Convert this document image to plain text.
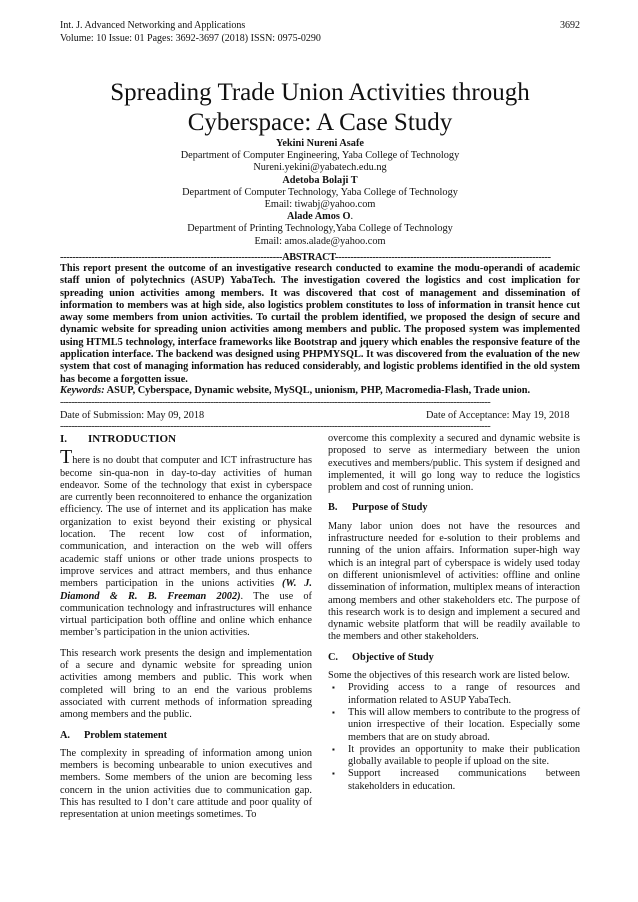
Int. J. Advanced Networking and Applications
Volume: 10 Issue: 01 Pages: 3692-3697 (2018) ISSN: 0975-0290
3692
Spreading Trade Union Activities through
Cyberspace: A Case Study
Yekini Nureni Asafe
Department of Computer Engineering, Yaba College of Technology
Nureni.yekini@yabatech.edu.ng
Adetoba Bolaji T
Department of Computer Technology, Yaba College of Technology
Email: tiwabj@yahoo.com
Alade Amos O.
Department of Printing Technology,Yaba College of Technology
Email: amos.alade@yahoo.com
-----------------------------------------------------------------------ABSTRACT---------------------------------------------------------------------
This report present the outcome of an investigative research conducted to examine the modu-operandi of academic staff union of polytechnics (ASUP) YabaTech. The investigation covered the logistics and cost implication for spreading union activities among members. It was discovered that cost of management and dissemination of information to members was at high side, also logistics problem constitutes to loss of information in transit hence cut away some members from union activities. To curtail the problem identified, we proposed the design of secure and dynamic website for spreading union activities among members and public. The proposed system was implemented using HTML5 technology, interface frameworks like Bootstrap and jquery which enables the responsive feature of the application interface. The backend was designed using PHPMYSQL. It was discovered from the evaluation of the new system that cost of managing information has reduced considerably, and logistic problems identified in the old system has become a forgotten issue.
Keywords: ASUP, Cyberspace, Dynamic website, MySQL, unionism, PHP, Macromedia-Flash, Trade union.
--------------------------------------------------------------------------------------------------------------------------------------------------------
Date of Submission: May 09, 2018	Date of Acceptance: May 19, 2018
--------------------------------------------------------------------------------------------------------------------------------------------------------
I. INTRODUCTION

There is no doubt that computer and ICT infrastructure has become sin-qua-non in day-to-day activities of human endeavor. Some of the technology that exist in cyberspace are currently been reconnoitered to enhance the organization efficiency. The use of internet and its application has make organization to exist beyond their existing or physical location. The recent low cost of information, communication, and interaction on the web will offers academic staff unions or other trade unions prospects to improve services and attract members, and thus enhance members participation in the unions activities (W. J. Diamond & R. B. Freeman 2002). The use of communication technology and infrastructures will enhance virtual participation both offline and online which enhance member’s participation in the union activities.

This research work presents the design and implementation of a secure and dynamic website for spreading union activities among members and public. This work when completed will bring to an end the various problems associated with current methods of information spreading among members and the public.

A. Problem statement

The complexity in spreading of information among union members is becoming unbearable to union executives and members. Some members of the union are becoming less concern in the union activities due to communication gap. This has resulted to I don’t care attitude and poor quality of representation at union meetings sometimes. To

overcome this complexity a secured and dynamic website is proposed to serve as intermediary between the union executives and members/public. This system if designed and implemented, it will go long way to reduce the logistics problem and cost of running union.

B. Purpose of Study

Many labor union does not have the resources and infrastructure needed for e-solution to their problems and running of the union affairs. Information super-high way which is an integral part of cyberspace is widely used today on different unionismlevel of activities: offline and online dissemination of information, multiplex means of interaction among members and other stakeholders etc. The purpose of this research work is to design and implement a secured and dynamic website platform that will be readily available to the members and other stakeholders.

C. Objective of Study
Some the objectives of this research work are listed below.
▪ Providing access to a range of resources and information related to ASUP YabaTech.
▪ This will allow members to contribute to the progress of union irrespective of their location. Especially some members that are on study abroad.
▪ It provides an opportunity to make their publication globally available to people if upload on the site.
▪ Support increased communications between stakeholders in education.
